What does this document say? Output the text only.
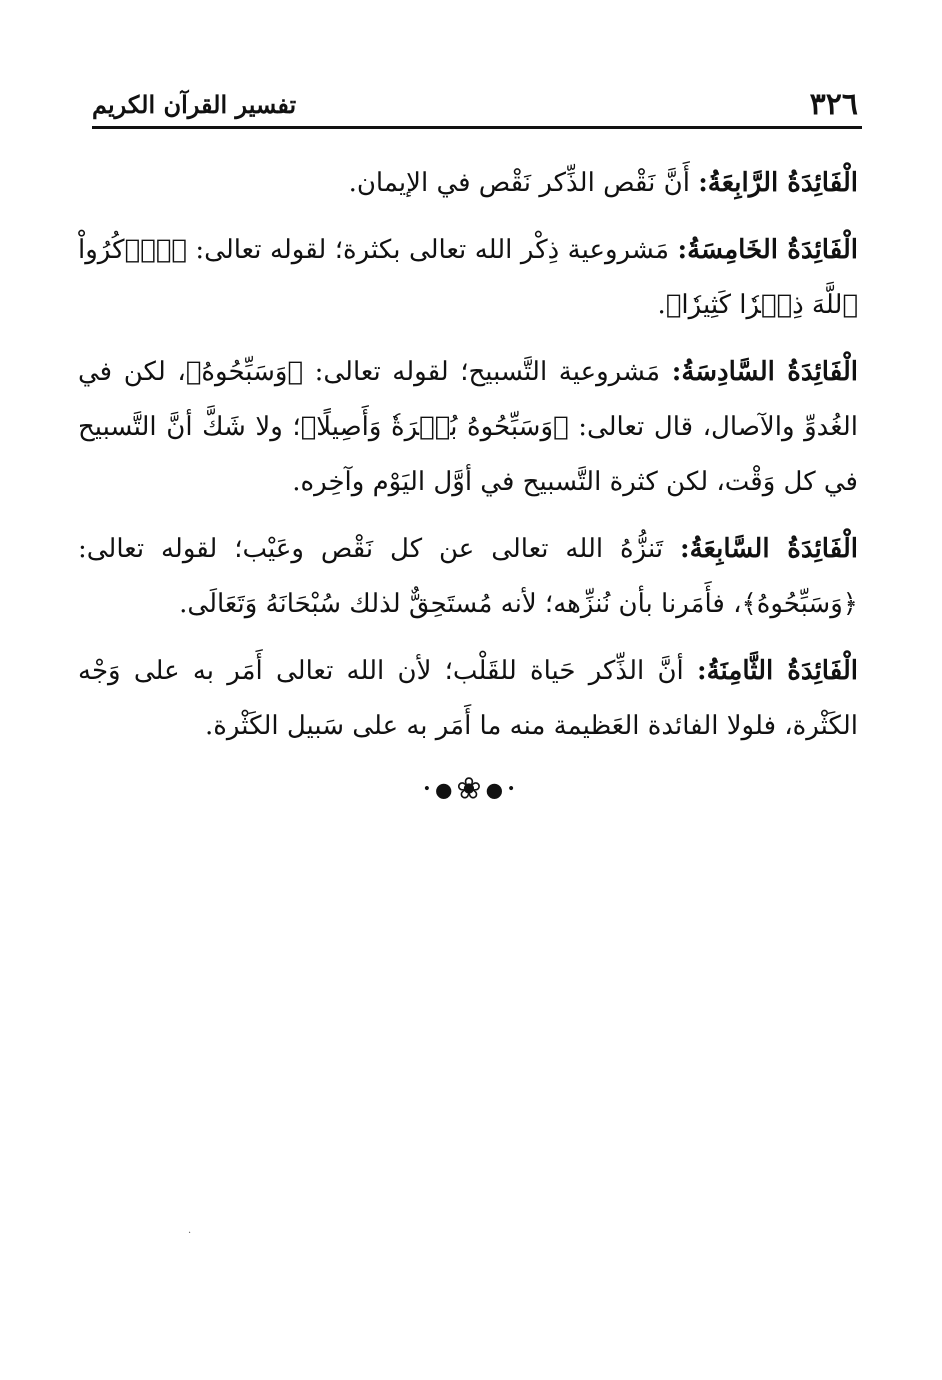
٣٢٦
تفسير القرآن الكريم

الْفَائِدَةُ الرَّابِعَةُ: أَنَّ نَقْص الذِّكر نَقْص في الإيمان.

الْفَائِدَةُ الخَامِسَةُ: مَشروعية ذِكْر الله تعالى بكثرة؛ لقوله تعالى: ﴿ٱذۡكُرُواْ ٱللَّهَ ذِكۡرٗا كَثِيرٗا﴾.

الْفَائِدَةُ السَّادِسَةُ: مَشروعية التَّسبيح؛ لقوله تعالى: ﴿وَسَبِّحُوهُ﴾، لكن في الغُدوِّ والآصال، قال تعالى: ﴿وَسَبِّحُوهُ بُكۡرَةٗ وَأَصِيلًا﴾؛ ولا شَكَّ أنَّ التَّسبيح في كل وَقْت، لكن كثرة التَّسبيح في أوَّل اليَوْم وآخِره.

الْفَائِدَةُ السَّابِعَةُ: تَنزُّهُ الله تعالى عن كل نَقْص وعَيْب؛ لقوله تعالى: ﴿وَسَبِّحُوهُ﴾، فأَمَرنا بأن نُنزِّهه؛ لأنه مُستَحِقٌّ لذلك سُبْحَانَهُ وَتَعَالَى.

الْفَائِدَةُ الثَّامِنَةُ: أنَّ الذِّكر حَياة للقَلْب؛ لأن الله تعالى أَمَر به على وَجْه الكَثْرة، فلولا الفائدة العَظيمة منه ما أَمَر به على سَبيل الكَثْرة.

•●❀●•
·
